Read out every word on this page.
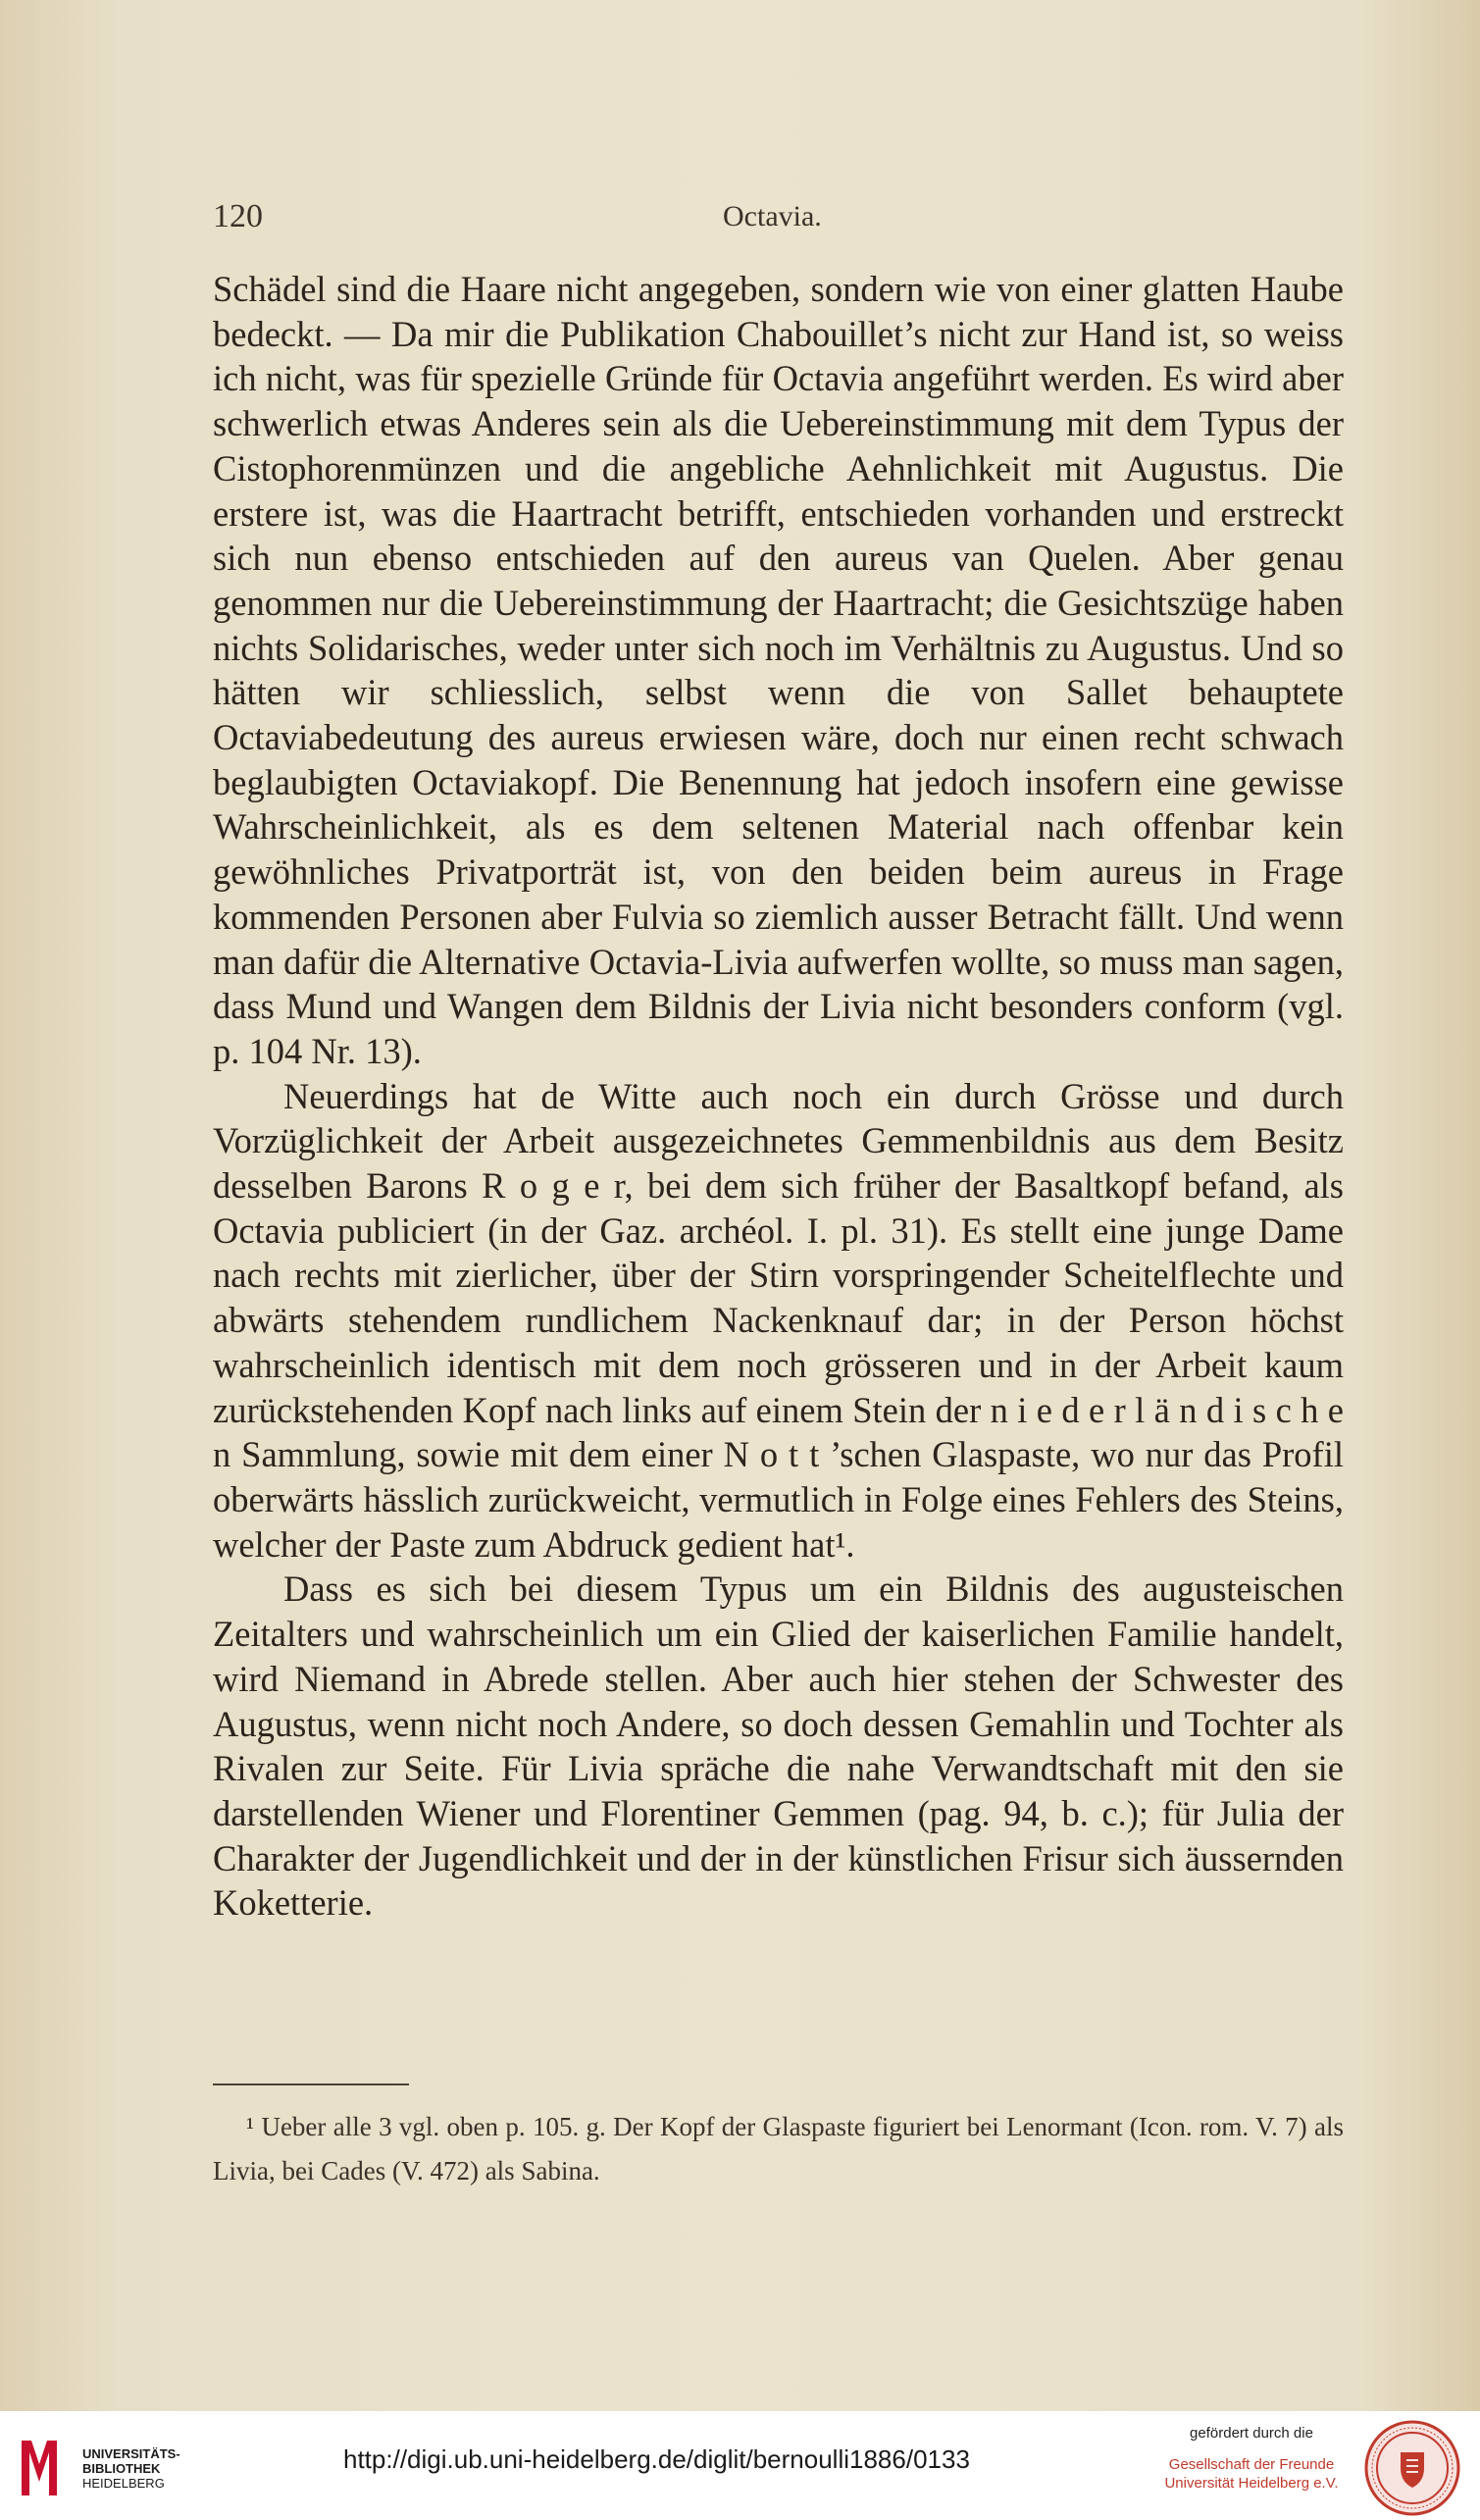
120	Octavia.

Schädel sind die Haare nicht angegeben, sondern wie von einer glatten Haube bedeckt. — Da mir die Publikation Chabouillet’s nicht zur Hand ist, so weiss ich nicht, was für spezielle Gründe für Octavia angeführt werden. Es wird aber schwerlich etwas Anderes sein als die Uebereinstimmung mit dem Typus der Cistophorenmünzen und die angebliche Aehnlichkeit mit Augustus. Die erstere ist, was die Haartracht betrifft, entschieden vorhanden und erstreckt sich nun ebenso entschieden auf den aureus van Quelen. Aber genau genommen nur die Uebereinstimmung der Haartracht; die Gesichtszüge haben nichts Solidarisches, weder unter sich noch im Verhältnis zu Augustus. Und so hätten wir schliesslich, selbst wenn die von Sallet behauptete Octaviabedeutung des aureus erwiesen wäre, doch nur einen recht schwach beglaubigten Octaviakopf. Die Benennung hat jedoch insofern eine gewisse Wahrscheinlichkeit, als es dem seltenen Material nach offenbar kein gewöhnliches Privatporträt ist, von den beiden beim aureus in Frage kommenden Personen aber Fulvia so ziemlich ausser Betracht fällt. Und wenn man dafür die Alternative Octavia-Livia aufwerfen wollte, so muss man sagen, dass Mund und Wangen dem Bildnis der Livia nicht besonders conform (vgl. p. 104 Nr. 13).

Neuerdings hat de Witte auch noch ein durch Grösse und durch Vorzüglichkeit der Arbeit ausgezeichnetes Gemmenbildnis aus dem Besitz desselben Barons R o g e r, bei dem sich früher der Basaltkopf befand, als Octavia publiciert (in der Gaz. archéol. I. pl. 31). Es stellt eine junge Dame nach rechts mit zierlicher, über der Stirn vorspringender Scheitelflechte und abwärts stehendem rundlichem Nackenknauf dar; in der Person höchst wahrscheinlich identisch mit dem noch grösseren und in der Arbeit kaum zurückstehenden Kopf nach links auf einem Stein der n i e d e r l ä n d i s c h e n Sammlung, sowie mit dem einer N o t t ’schen Glaspaste, wo nur das Profil oberwärts hässlich zurückweicht, vermutlich in Folge eines Fehlers des Steins, welcher der Paste zum Abdruck gedient hat¹.

Dass es sich bei diesem Typus um ein Bildnis des augusteischen Zeitalters und wahrscheinlich um ein Glied der kaiserlichen Familie handelt, wird Niemand in Abrede stellen. Aber auch hier stehen der Schwester des Augustus, wenn nicht noch Andere, so doch dessen Gemahlin und Tochter als Rivalen zur Seite. Für Livia spräche die nahe Verwandtschaft mit den sie darstellenden Wiener und Florentiner Gemmen (pag. 94, b. c.); für Julia der Charakter der Jugendlichkeit und der in der künstlichen Frisur sich äussernden Koketterie.

¹ Ueber alle 3 vgl. oben p. 105. g. Der Kopf der Glaspaste figuriert bei Lenormant (Icon. rom. V. 7) als Livia, bei Cades (V. 472) als Sabina.
UNIVERSITÄTS-
BIBLIOTHEK
HEIDELBERG
http://digi.ub.uni-heidelberg.de/diglit/bernoulli1886/0133
gefördert durch die
Gesellschaft der Freunde
Universität Heidelberg e.V.
